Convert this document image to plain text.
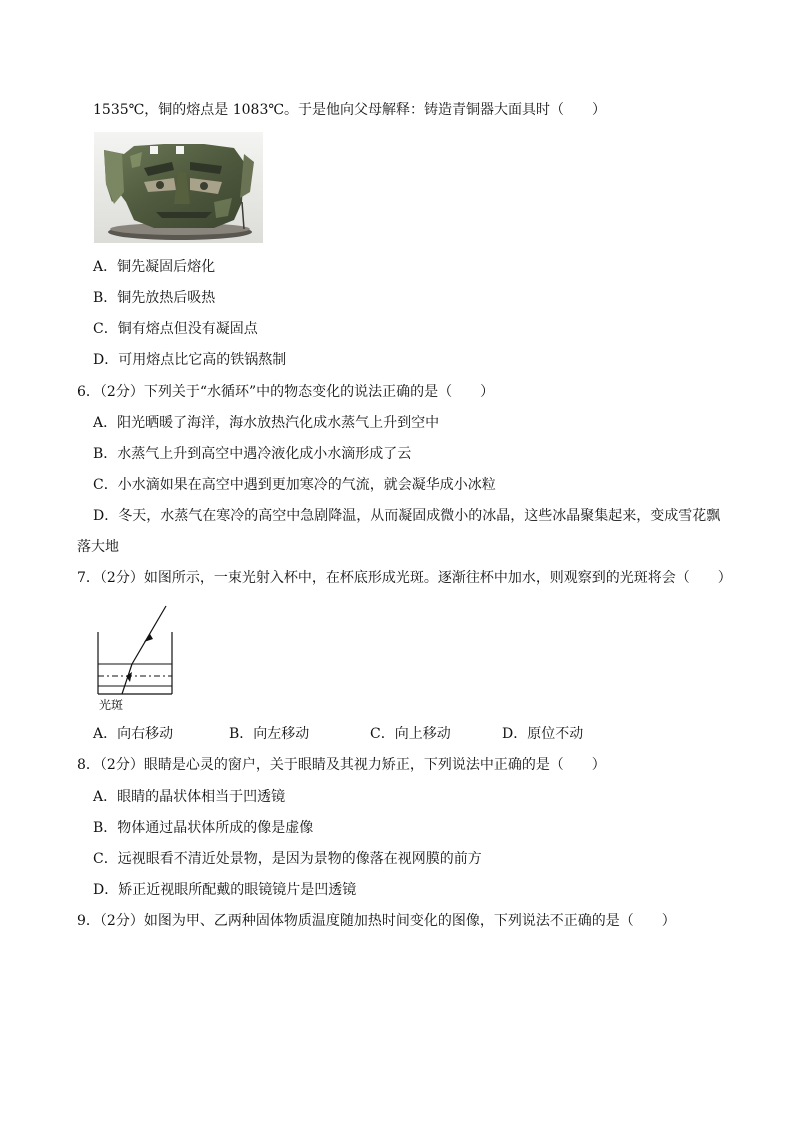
1535℃，铜的熔点是 1083℃。于是他向父母解释：铸造青铜器大面具时（　　）
A．铜先凝固后熔化
B．铜先放热后吸热
C．铜有熔点但没有凝固点
D．可用熔点比它高的铁锅熬制
6．（2分）下列关于“水循环”中的物态变化的说法正确的是（　　）
A．阳光晒暖了海洋，海水放热汽化成水蒸气上升到空中
B．水蒸气上升到高空中遇冷液化成小水滴形成了云
C．小水滴如果在高空中遇到更加寒冷的气流，就会凝华成小冰粒
D．冬天，水蒸气在寒冷的高空中急剧降温，从而凝固成微小的冰晶，这些冰晶聚集起来，变成雪花飘
落大地
7．（2分）如图所示，一束光射入杯中，在杯底形成光斑。逐渐往杯中加水，则观察到的光斑将会（　　）
光斑
A．向右移动	B．向左移动	C．向上移动	D．原位不动
8．（2分）眼睛是心灵的窗户，关于眼睛及其视力矫正，下列说法中正确的是（　　）
A．眼睛的晶状体相当于凹透镜
B．物体通过晶状体所成的像是虚像
C．远视眼看不清近处景物，是因为景物的像落在视网膜的前方
D．矫正近视眼所配戴的眼镜镜片是凹透镜
9．（2分）如图为甲、乙两种固体物质温度随加热时间变化的图像，下列说法不正确的是（　　）
